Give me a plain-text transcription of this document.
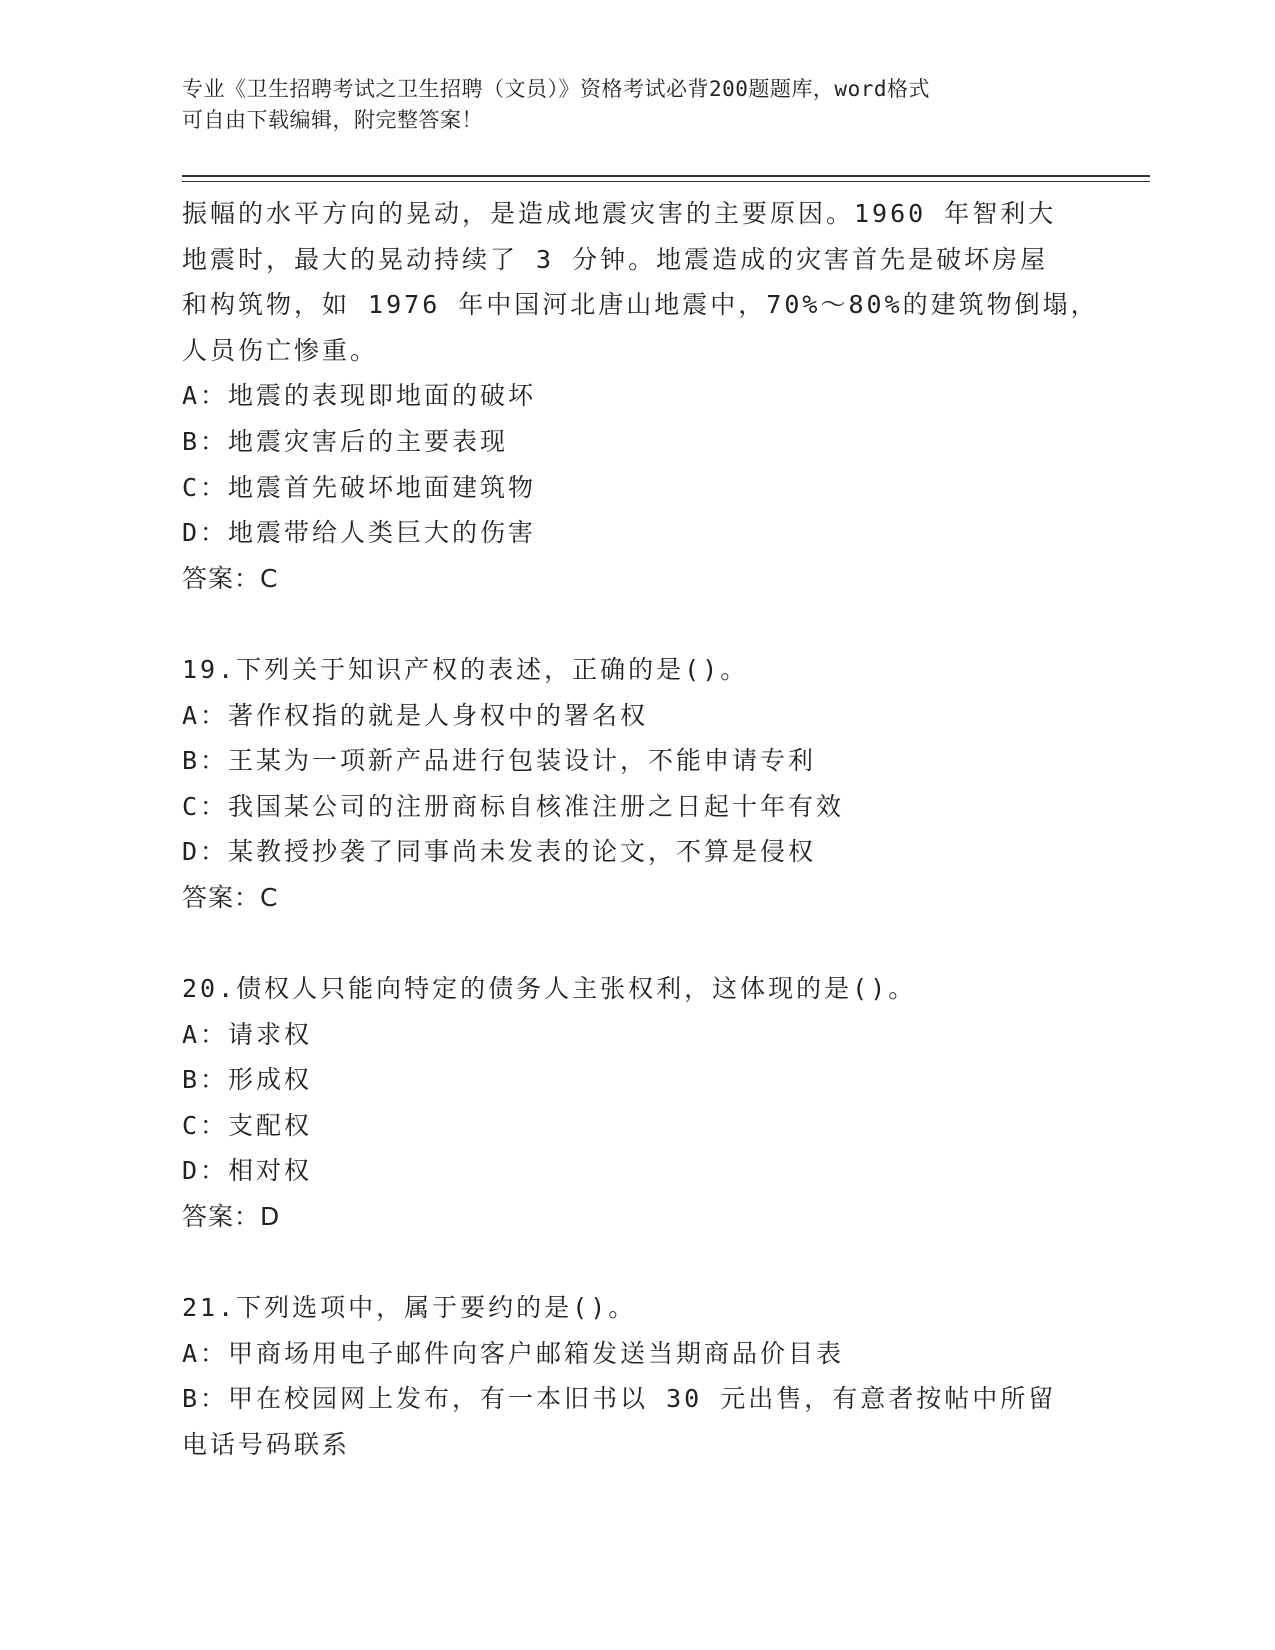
专业《卫生招聘考试之卫生招聘（文员）》资格考试必背200题题库，word格式
可自由下载编辑，附完整答案！
振幅的水平方向的晃动，是造成地震灾害的主要原因。1960 年智利大
地震时，最大的晃动持续了 3 分钟。地震造成的灾害首先是破坏房屋
和构筑物，如 1976 年中国河北唐山地震中，70%～80%的建筑物倒塌，
人员伤亡惨重。
A：地震的表现即地面的破坏
B：地震灾害后的主要表现
C：地震首先破坏地面建筑物
D：地震带给人类巨大的伤害
答案：C
19.下列关于知识产权的表述，正确的是()。
A：著作权指的就是人身权中的署名权
B：王某为一项新产品进行包装设计，不能申请专利
C：我国某公司的注册商标自核准注册之日起十年有效
D：某教授抄袭了同事尚未发表的论文，不算是侵权
答案：C
20.债权人只能向特定的债务人主张权利，这体现的是()。
A：请求权
B：形成权
C：支配权
D：相对权
答案：D
21.下列选项中，属于要约的是()。
A：甲商场用电子邮件向客户邮箱发送当期商品价目表
B：甲在校园网上发布，有一本旧书以 30 元出售，有意者按帖中所留
电话号码联系
